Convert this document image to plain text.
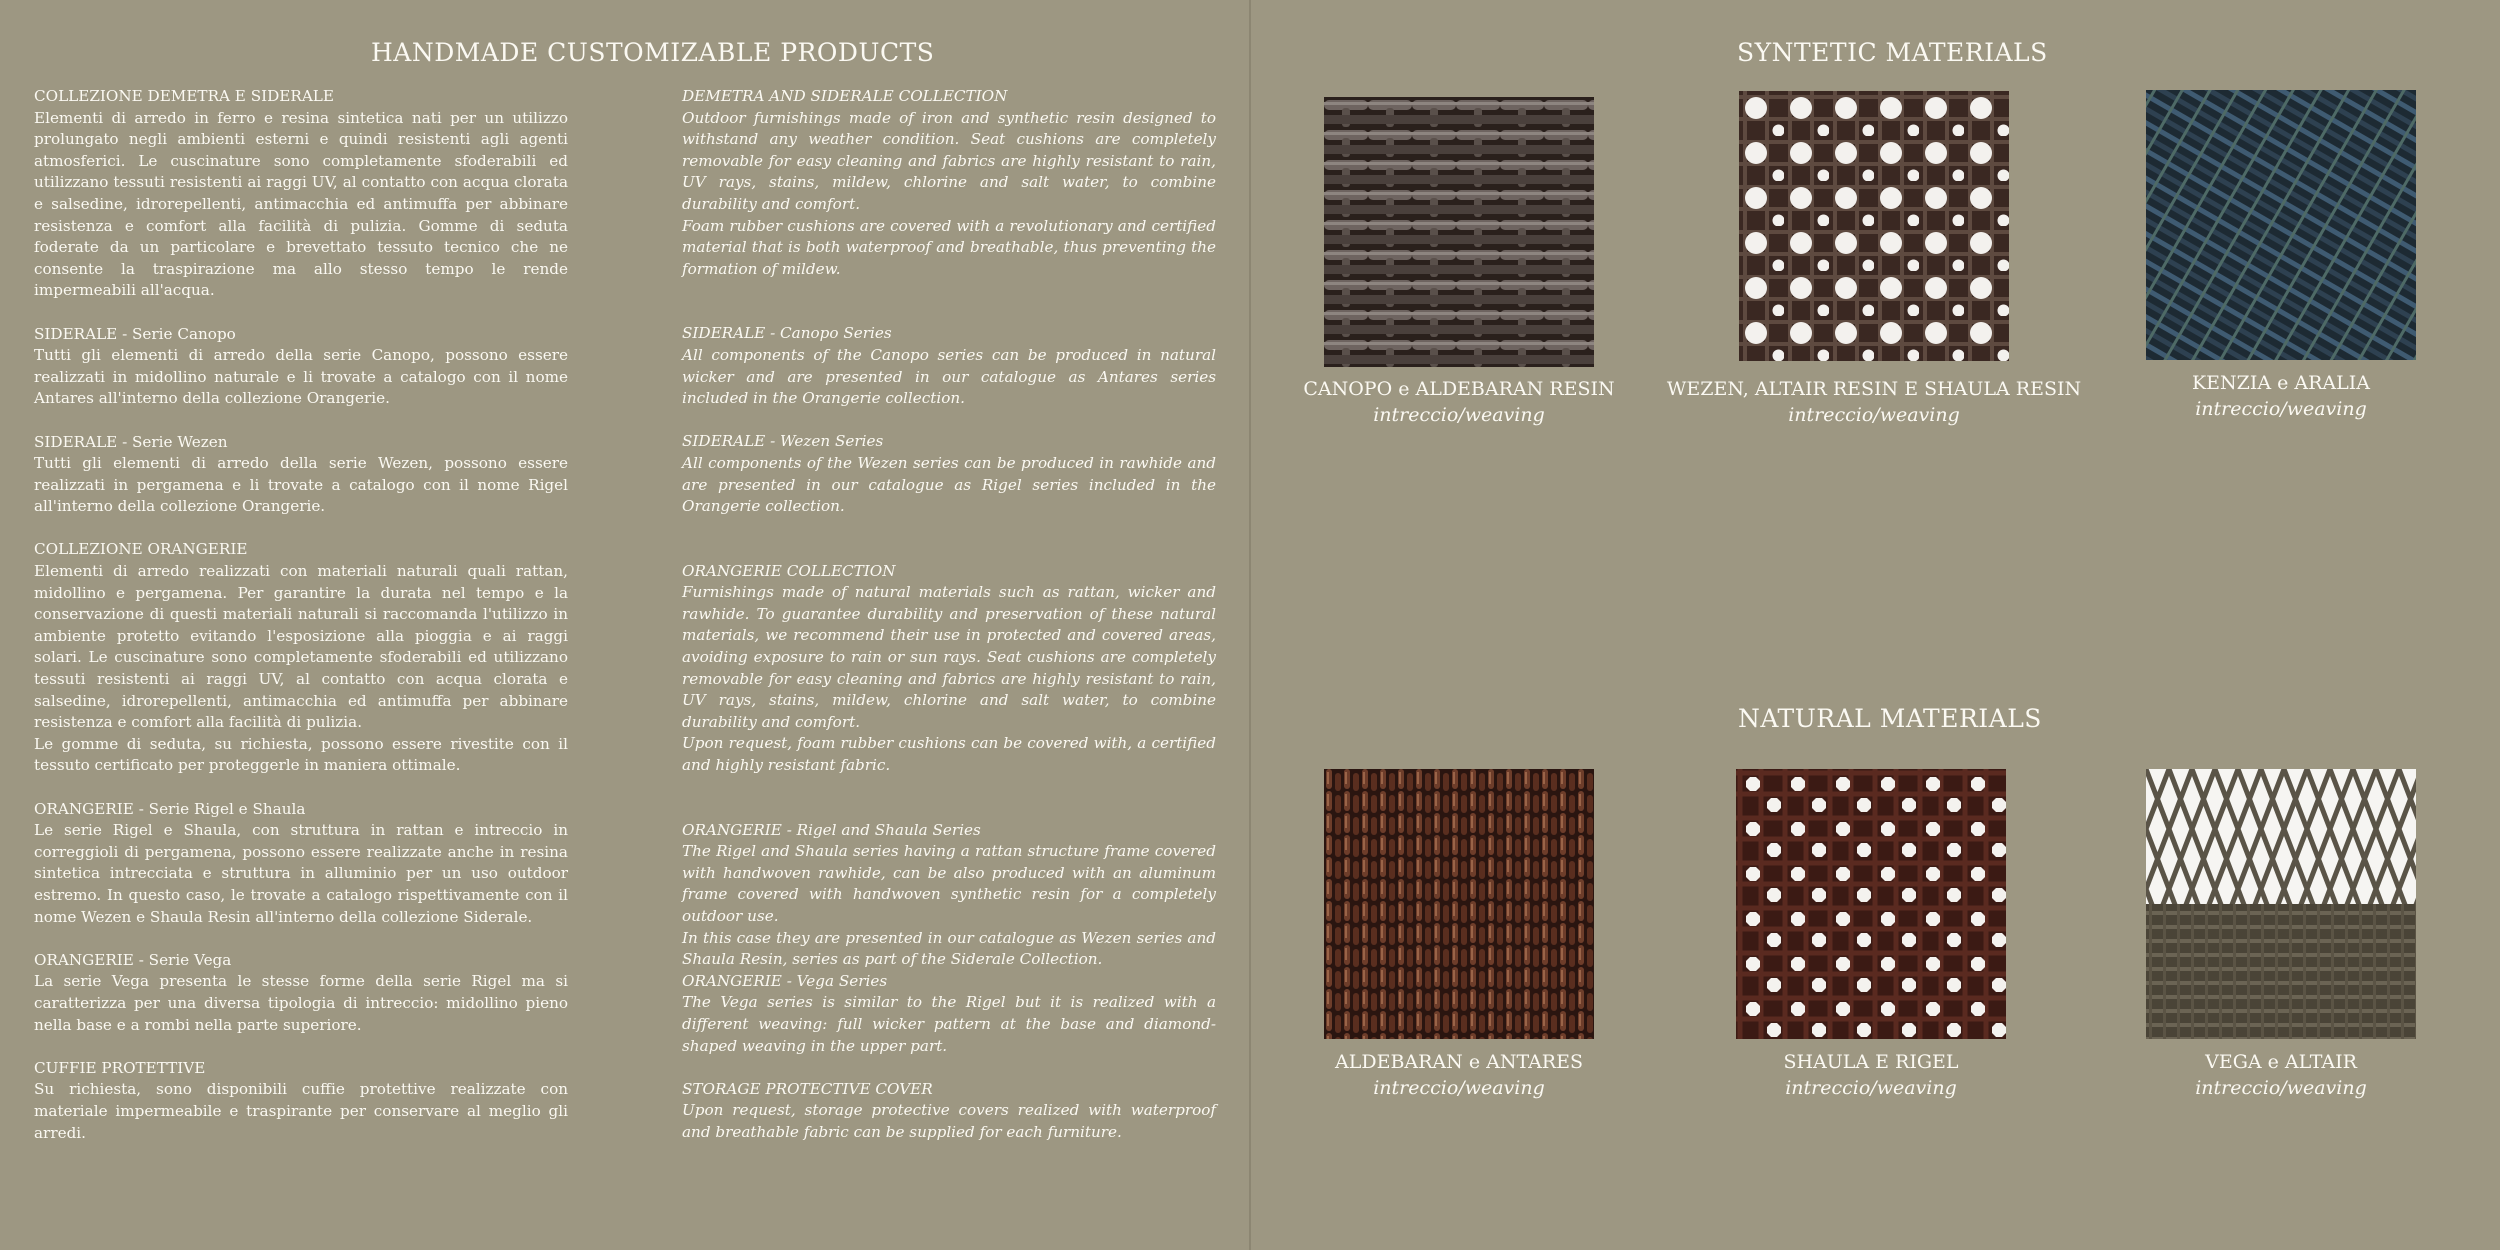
HANDMADE CUSTOMIZABLE PRODUCTS
COLLEZIONE DEMETRA E SIDERALE

Elementi di arredo in ferro e resina sintetica nati per un utilizzo prolungato negli ambienti esterni e quindi resistenti agli agenti atmosferici. Le cuscinature sono completamente sfoderabili ed utilizzano tessuti resistenti ai raggi UV, al contatto con acqua clorata e salsedine, idrorepellenti, antimacchia ed antimuffa per abbinare resistenza e comfort alla facilità di pulizia. Gomme di seduta foderate da un particolare e brevettato tessuto tecnico che ne consente la traspirazione ma allo stesso tempo le rende impermeabili all'acqua.

SIDERALE - Serie Canopo

Tutti gli elementi di arredo della serie Canopo, possono essere realizzati in midollino naturale e li trovate a catalogo con il nome Antares all'interno della collezione Orangerie.

SIDERALE - Serie Wezen

Tutti gli elementi di arredo della serie Wezen, possono essere realizzati in pergamena e li trovate a catalogo con il nome Rigel all'interno della collezione Orangerie.

COLLEZIONE ORANGERIE

Elementi di arredo realizzati con materiali naturali quali rattan, midollino e pergamena. Per garantire la durata nel tempo e la conservazione di questi materiali naturali si raccomanda l'utilizzo in ambiente protetto evitando l'esposizione alla pioggia e ai raggi solari. Le cuscinature sono completamente sfoderabili ed utilizzano tessuti resistenti ai raggi UV, al contatto con acqua clorata e salsedine, idrorepellenti, antimacchia ed antimuffa per abbinare resistenza e comfort alla facilità di pulizia.

Le gomme di seduta, su richiesta, possono essere rivestite con il tessuto certificato per proteggerle in maniera ottimale.

ORANGERIE - Serie Rigel e Shaula

Le serie Rigel e Shaula, con struttura in rattan e intreccio in correggioli di pergamena, possono essere realizzate anche in resina sintetica intrecciata e struttura in alluminio per un uso outdoor estremo. In questo caso, le trovate a catalogo rispettivamente con il nome Wezen e Shaula Resin all'interno della collezione Siderale.

ORANGERIE - Serie Vega

La serie Vega presenta le stesse forme della serie Rigel ma si caratterizza per una diversa tipologia di intreccio: midollino pieno nella base e a rombi nella parte superiore.

CUFFIE PROTETTIVE

Su richiesta, sono disponibili cuffie protettive realizzate con materiale impermeabile e traspirante per conservare al meglio gli arredi.

DEMETRA AND SIDERALE COLLECTION

Outdoor furnishings made of iron and synthetic resin designed to withstand any weather condition. Seat cushions are completely removable for easy cleaning and fabrics are highly resistant to rain, UV rays, stains, mildew, chlorine and salt water, to combine durability and comfort.

Foam rubber cushions are covered with a revolutionary and certified material that is both waterproof and breathable, thus preventing the formation of mildew.

SIDERALE - Canopo Series

All components of the Canopo series can be produced in natural wicker and are presented in our catalogue as Antares series included in the Orangerie collection.

SIDERALE - Wezen Series

All components of the Wezen series can be produced in rawhide and are presented in our catalogue as Rigel series included in the Orangerie collection.

ORANGERIE COLLECTION

Furnishings made of natural materials such as rattan, wicker and rawhide. To guarantee durability and preservation of these natural materials, we recommend their use in protected and covered areas, avoiding exposure to rain or sun rays. Seat cushions are completely removable for easy cleaning and fabrics are highly resistant to rain, UV rays, stains, mildew, chlorine and salt water, to combine durability and comfort.

Upon request, foam rubber cushions can be covered with, a certified and highly resistant fabric.

ORANGERIE - Rigel and Shaula Series

The Rigel and Shaula series having a rattan structure frame covered with handwoven rawhide, can be also produced with an aluminum frame covered with handwoven synthetic resin for a completely outdoor use.

In this case they are presented in our catalogue as Wezen series and Shaula Resin, series as part of the Siderale Collection.

ORANGERIE - Vega Series

The Vega series is similar to the Rigel but it is realized with a different weaving: full wicker pattern at the base and diamond-shaped weaving in the upper part.

STORAGE PROTECTIVE COVER

Upon request, storage protective covers realized with waterproof and breathable fabric can be supplied for each furniture.

SYNTETIC MATERIALS
NATURAL MATERIALS
CANOPO e ALDEBARAN RESIN
intreccio/weaving
WEZEN, ALTAIR RESIN E SHAULA RESIN
intreccio/weaving
KENZIA e ARALIA
intreccio/weaving
ALDEBARAN e ANTARES
intreccio/weaving
SHAULA E RIGEL
intreccio/weaving
VEGA e ALTAIR
intreccio/weaving
